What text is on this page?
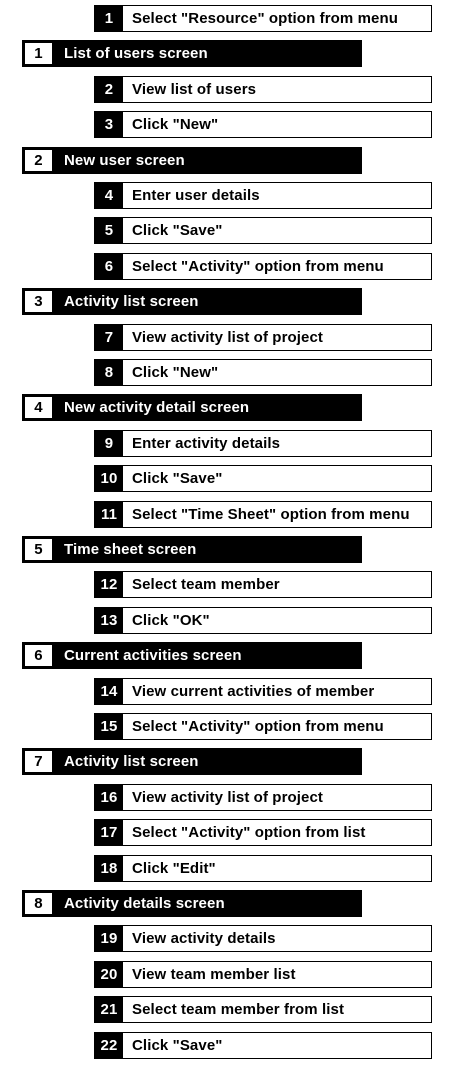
1	Select "Resource" option from menu
1	List of users screen
2	View list of users
3	Click "New"
2	New user screen
4	Enter user details
5	Click "Save"
6	Select "Activity" option from menu
3	Activity list screen
7	View activity list of project
8	Click "New"
4	New activity detail screen
9	Enter activity details
10 Click "Save"
11 Select "Time Sheet" option from menu
5	Time sheet screen
12 Select team member
13 Click "OK"
6	Current activities screen
14 View current activities of member
15 Select "Activity" option from menu
7	Activity list screen
16 View activity list of project
17 Select "Activity" option from list
18 Click "Edit"
8	Activity details screen
19 View activity details
20 View team member list
21 Select team member from list
22 Click "Save"
